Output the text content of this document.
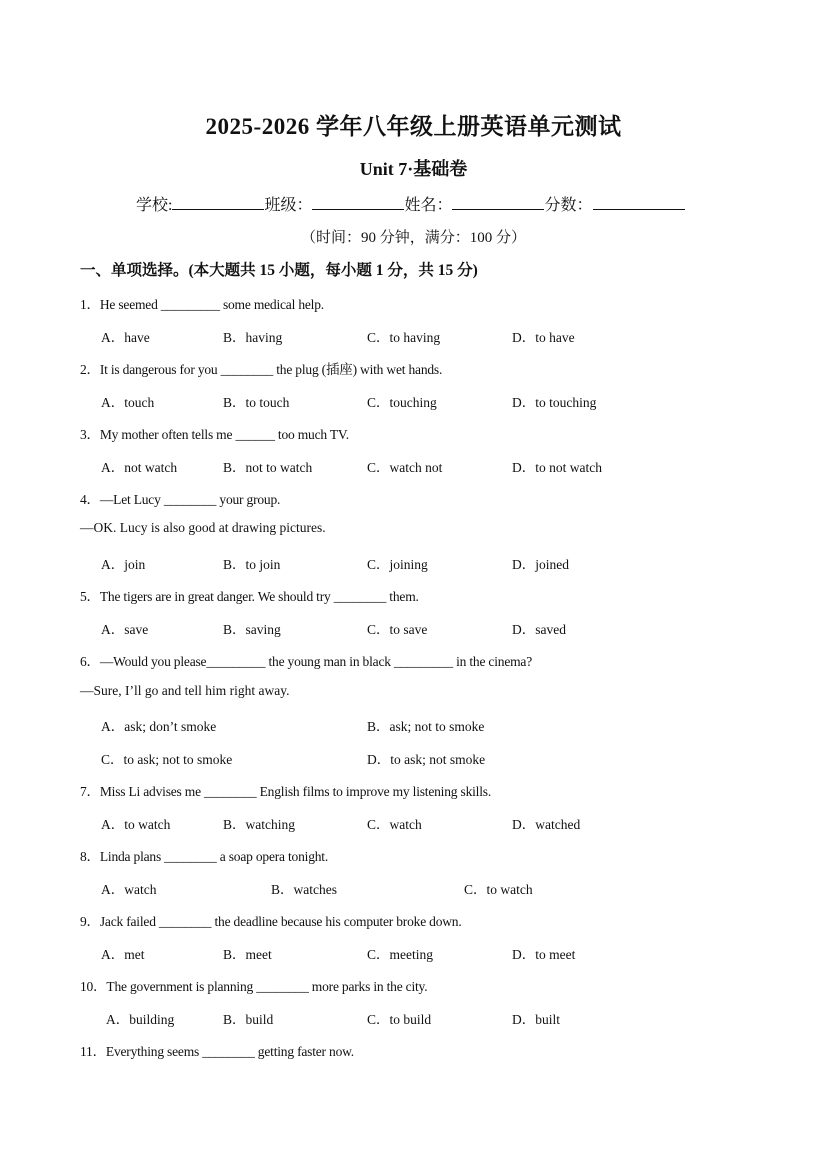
2025-2026 学年八年级上册英语单元测试
Unit 7·基础卷
学校:	班级：	姓名：	分数：
（时间：90 分钟，满分：100 分）
一、单项选择。(本大题共 15 小题，每小题 1 分，共 15 分)
1．He seemed _________ some medical help.
A．have	B．having	C．to having	D．to have
2．It is dangerous for you ________ the plug (插座) with wet hands.
A．touch	B．to touch	C．touching	D．to touching
3．My mother often tells me ______ too much TV.
A．not watch	B．not to watch	C．watch not	D．to not watch
4．—Let Lucy ________ your group.
—OK. Lucy is also good at drawing pictures.
A．join	B．to join	C．joining	D．joined
5．The tigers are in great danger. We should try ________ them.
A．save	B．saving	C．to save	D．saved
6．—Would you please_________ the young man in black _________ in the cinema?
—Sure, I’ll go and tell him right away.
A．ask; don’t smoke	B．ask; not to smoke
C．to ask; not to smoke	D．to ask; not smoke
7．Miss Li advises me ________ English films to improve my listening skills.
A．to watch	B．watching	C．watch	D．watched
8．Linda plans ________ a soap opera tonight.
A．watch	B．watches	C．to watch
9．Jack failed ________ the deadline because his computer broke down.
A．met	B．meet	C．meeting	D．to meet
10．The government is planning ________ more parks in the city.
A．building	B．build	C．to build	D．built
11．Everything seems ________ getting faster now.
